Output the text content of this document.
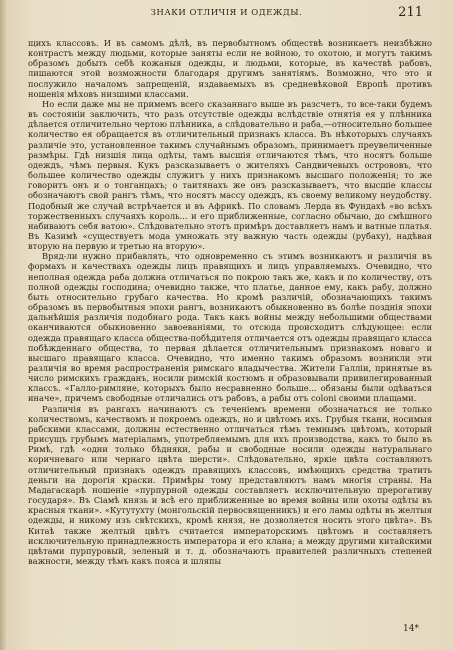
ЗНАКИ ОТЛИЧІЯ И ОДЕЖДЫ.	211

щихъ классовъ. И въ самомъ дѣлѣ, въ первобытномъ обществѣ возникаетъ неизбѣжно контрастъ между людьми, которые заняты если не войною, то охотою, и могутъ такимъ образомъ добыть себѣ кожаныя одежды, и людьми, которые, въ качествѣ рабовъ, лишаются этой возможности благодаря другимъ занятіямъ. Возможно, что это и послужило началомъ запрещеній, издаваемыхъ въ средневѣковой Европѣ противъ ношенія мѣховъ низшими классами.

Но если даже мы не примемъ всего сказаннаго выше въ разсчетъ, то все-таки будемъ въ состояніи заключить, что разъ отсутствіе одежды вслѣдствіе отнятія ея у плѣнника дѣлается отличительно чертою плѣнника, а слѣдовательно и раба,—относительно большее количество ея обращается въ отличительный признакъ класса. Въ нѣкоторыхъ случаяхъ различіе это, установленное такимъ случайнымъ образомъ, принимаетъ преувеличенные размѣры. Гдѣ низшія лица одѣты, тамъ высшія отличаются тѣмъ, что носятъ больше одеждъ, чѣмъ первыя. Кукъ разсказываетъ о жителяхъ Сандвичевыхъ острововъ, что большее количество одежды служитъ у нихъ признакомъ высшаго положенія; то же говоритъ онъ и о тонганцахъ; о таитянахъ же онъ разсказываетъ, что высшіе классы обозначаютъ свой рангъ тѣмъ, что носятъ массу одеждъ, къ своему великому неудобству. Подобный же случай встрѣчается и въ Африкѣ. По словамъ Лерда въ Фундахѣ «во всѣхъ торжественныхъ случаяхъ король... и его приближенные, согласно обычаю, до смѣшного набиваютъ себя ватою». Слѣдовательно этотъ примѣръ доставляетъ намъ и ватные платья. Въ Казимѣ «существуетъ мода умножать эту важную часть одежды (рубаху), надѣвая вторую на первую и третью на вторую».

Вряд-ли нужно прибавлять, что одновременно съ этимъ возникаютъ и различія въ формахъ и качествахъ одежды лицъ правящихъ и лицъ управляемыхъ. Очевидно, что неполная одежда раба должна отличаться по покрою такъ же, какъ и по количеству, отъ полной одежды господина; очевидно также, что платье, данное ему, какъ рабу, должно быть относительно грубаго качества. Но кромѣ различій, обозначающихъ такимъ образомъ въ первобытныя эпохи рангъ, возникаютъ обыкновенно въ болѣе позднія эпохи дальнѣйшія различія подобнаго рода. Такъ какъ войны между небольшими обществами оканчиваются обыкновенно завоеваніями, то отсюда происходитъ слѣдующее: если одежда правящаго класса общества-побѣдителя отличается отъ одежды правящаго класса побѣжденнаго общества, то первая дѣлается отличительнымъ признакомъ новаго и высшаго правящаго класса. Очевидно, что именно такимъ образомъ возникли эти различія во время распространенія римскаго владычества. Жители Галліи, принятые въ число римскихъ гражданъ, носили римскій костюмъ и образовывали привилегированный классъ. «Галло-римляне, которыхъ было несравненно больше... обязаны были одѣваться иначе», причемъ свободные отличались отъ рабовъ, а рабы отъ coloni своими плащами.

Различія въ рангахъ начинаютъ съ теченіемъ времени обозначаться не только количествомъ, качествомъ и покроемъ одеждъ, но и цвѣтомъ ихъ. Грубыя ткани, носимыя рабскими классами, должны естественно отличаться тѣмъ темнымъ цвѣтомъ, который присущъ грубымъ матеріаламъ, употребляемымъ для ихъ производства, какъ то было въ Римѣ, гдѣ «одни только бѣдняки, рабы и свободные носили одежды натуральнаго коричневаго или чернаго цвѣта шерсти». Слѣдовательно, яркіе цвѣта составляютъ отличительный признакъ одеждъ правящихъ классовъ, имѣющихъ средства тратить деньги на дорогія краски. Примѣры тому представляютъ намъ многія страны. На Мадагаскарѣ ношеніе «пурпурной одежды составляетъ исключительную прерогативу государя». Въ Сіамѣ князь и всѣ его приближенные во время войны или охоты одѣты въ красныя ткани». «Кутутухту (монгольскій первосвященникъ) и его ламы одѣты въ желтыя одежды, и никому изъ свѣтскихъ, кромѣ князя, не дозволяется носить этого цвѣта». Въ Китаѣ также желтый цвѣтъ считается императорскимъ цвѣтомъ и составляетъ исключительную принадлежность императора и его клана; а между другими китайскими цвѣтами пурпуровый, зеленый и т. д. обозначаютъ правителей различныхъ степеней важности, между тѣмъ какъ пояса и шляпы

14*
